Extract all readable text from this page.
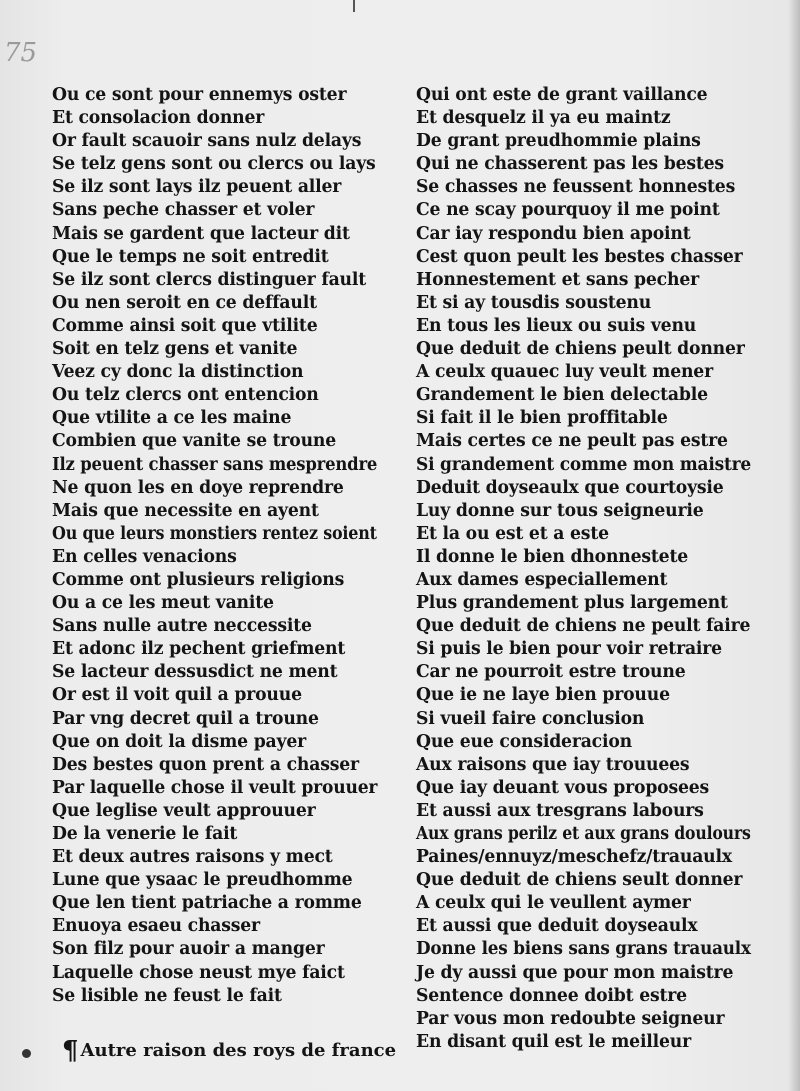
75
Ou ce sont pour ennemys oster
Et consolacion donner
Or fault scauoir sans nulz delays
Se telz gens sont ou clercs ou lays
Se ilz sont lays ilz peuent aller
Sans peche chasser et voler
Mais se gardent que lacteur dit
Que le temps ne soit entredit
Se ilz sont clercs distinguer fault
Ou nen seroit en ce deffault
Comme ainsi soit que vtilite
Soit en telz gens et vanite
Veez cy donc la distinction
Ou telz clercs ont entencion
Que vtilite a ce les maine
Combien que vanite se troune
Ilz peuent chasser sans mesprendre
Ne quon les en doye reprendre
Mais que necessite en ayent
Ou que leurs monstiers rentez soient
En celles venacions
Comme ont plusieurs religions
Ou a ce les meut vanite
Sans nulle autre neccessite
Et adonc ilz pechent griefment
Se lacteur dessusdict ne ment
Or est il voit quil a prouue
Par vng decret quil a troune
Que on doit la disme payer
Des bestes quon prent a chasser
Par laquelle chose il veult prouuer
Que leglise veult approuuer
De la venerie le fait
Et deux autres raisons y mect
Lune que ysaac le preudhomme
Que len tient patriache a romme
Enuoya esaeu chasser
Son filz pour auoir a manger
Laquelle chose neust mye faict
Se lisible ne feust le fait
Qui ont este de grant vaillance
Et desquelz il ya eu maintz
De grant preudhommie plains
Qui ne chasserent pas les bestes
Se chasses ne feussent honnestes
Ce ne scay pourquoy il me point
Car iay respondu bien apoint
Cest quon peult les bestes chasser
Honnestement et sans pecher
Et si ay tousdis soustenu
En tous les lieux ou suis venu
Que deduit de chiens peult donner
A ceulx quauec luy veult mener
Grandement le bien delectable
Si fait il le bien proffitable
Mais certes ce ne peult pas estre
Si grandement comme mon maistre
Deduit doyseaulx que courtoysie
Luy donne sur tous seigneurie
Et la ou est et a este
Il donne le bien dhonnestete
Aux dames especiallement
Plus grandement plus largement
Que deduit de chiens ne peult faire
Si puis le bien pour voir retraire
Car ne pourroit estre troune
Que ie ne laye bien prouue
Si vueil faire conclusion
Que eue consideracion
Aux raisons que iay trouuees
Que iay deuant vous proposees
Et aussi aux tresgrans labours
Aux grans perilz et aux grans doulours
Paines/ennuyz/meschefz/trauaulx
Que deduit de chiens seult donner
A ceulx qui le veullent aymer
Et aussi que deduit doyseaulx
Donne les biens sans grans trauaulx
Je dy aussi que pour mon maistre
Sentence donnee doibt estre
Par vous mon redoubte seigneur
En disant quil est le meilleur
¶ Autre raison des roys de france
